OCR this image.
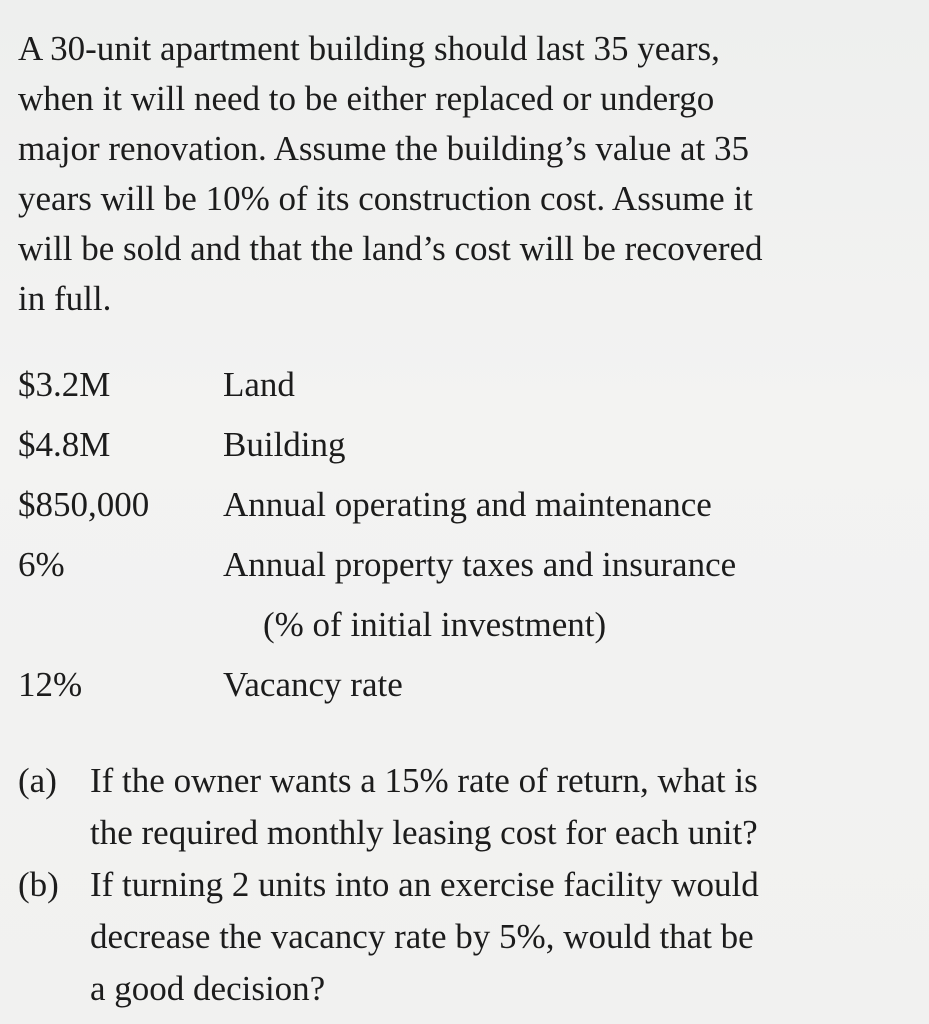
A 30-unit apartment building should last 35 years,
when it will need to be either replaced or undergo
major renovation. Assume the building’s value at 35
years will be 10% of its construction cost. Assume it
will be sold and that the land’s cost will be recovered
in full.
$3.2M	Land
$4.8M	Building
$850,000 Annual operating and maintenance
6%	Annual property taxes and insurance
(% of initial investment)
12%	Vacancy rate
(a) If the owner wants a 15% rate of return, what is
the required monthly leasing cost for each unit?
(b) If turning 2 units into an exercise facility would
decrease the vacancy rate by 5%, would that be
a good decision?
